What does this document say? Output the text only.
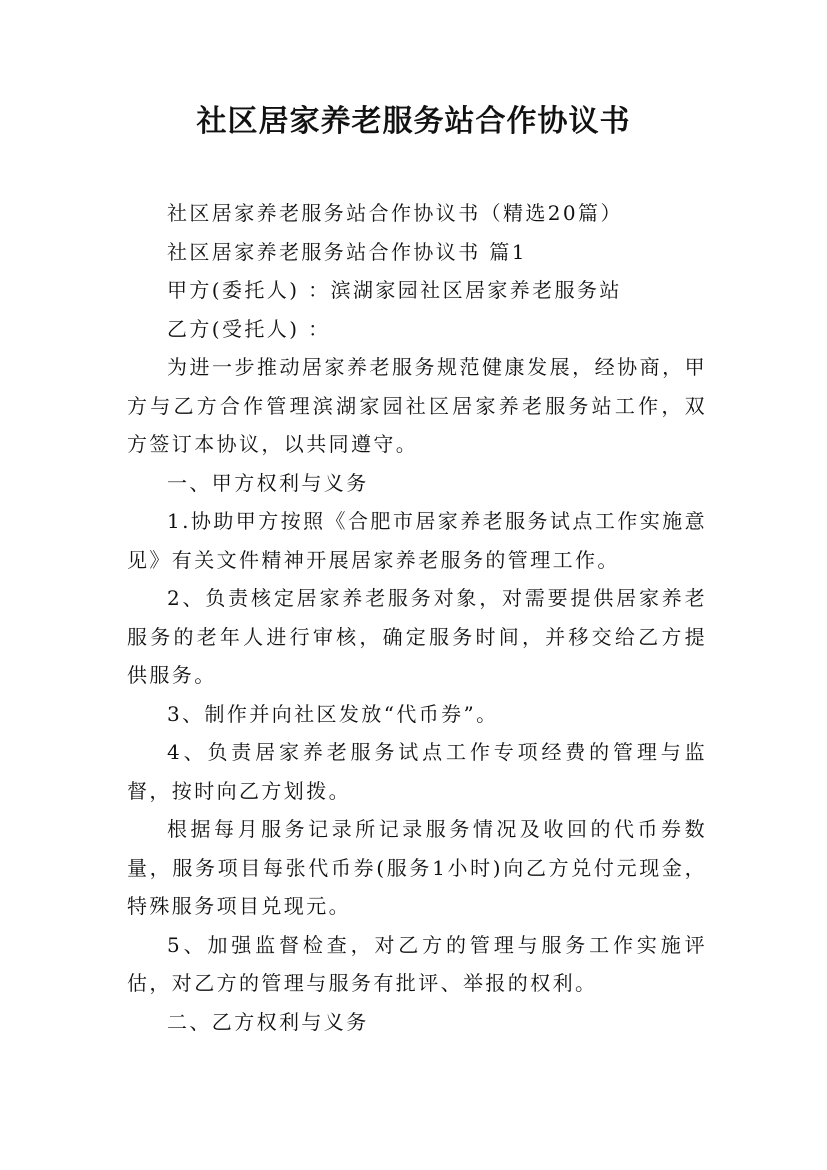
社区居家养老服务站合作协议书

社区居家养老服务站合作协议书（精选20篇）

社区居家养老服务站合作协议书 篇1

甲方(委托人) ：滨湖家园社区居家养老服务站

乙方(受托人) ：

为进一步推动居家养老服务规范健康发展，经协商，甲方与乙方合作管理滨湖家园社区居家养老服务站工作，双方签订本协议，以共同遵守。

一、甲方权利与义务

1.协助甲方按照《合肥市居家养老服务试点工作实施意见》有关文件精神开展居家养老服务的管理工作。

2、负责核定居家养老服务对象，对需要提供居家养老服务的老年人进行审核，确定服务时间，并移交给乙方提供服务。

3、制作并向社区发放“代币券”。

4、负责居家养老服务试点工作专项经费的管理与监督，按时向乙方划拨。

根据每月服务记录所记录服务情况及收回的代币券数量，服务项目每张代币券(服务1小时)向乙方兑付元现金，特殊服务项目兑现元。

5、加强监督检查，对乙方的管理与服务工作实施评估，对乙方的管理与服务有批评、举报的权利。

二、乙方权利与义务
